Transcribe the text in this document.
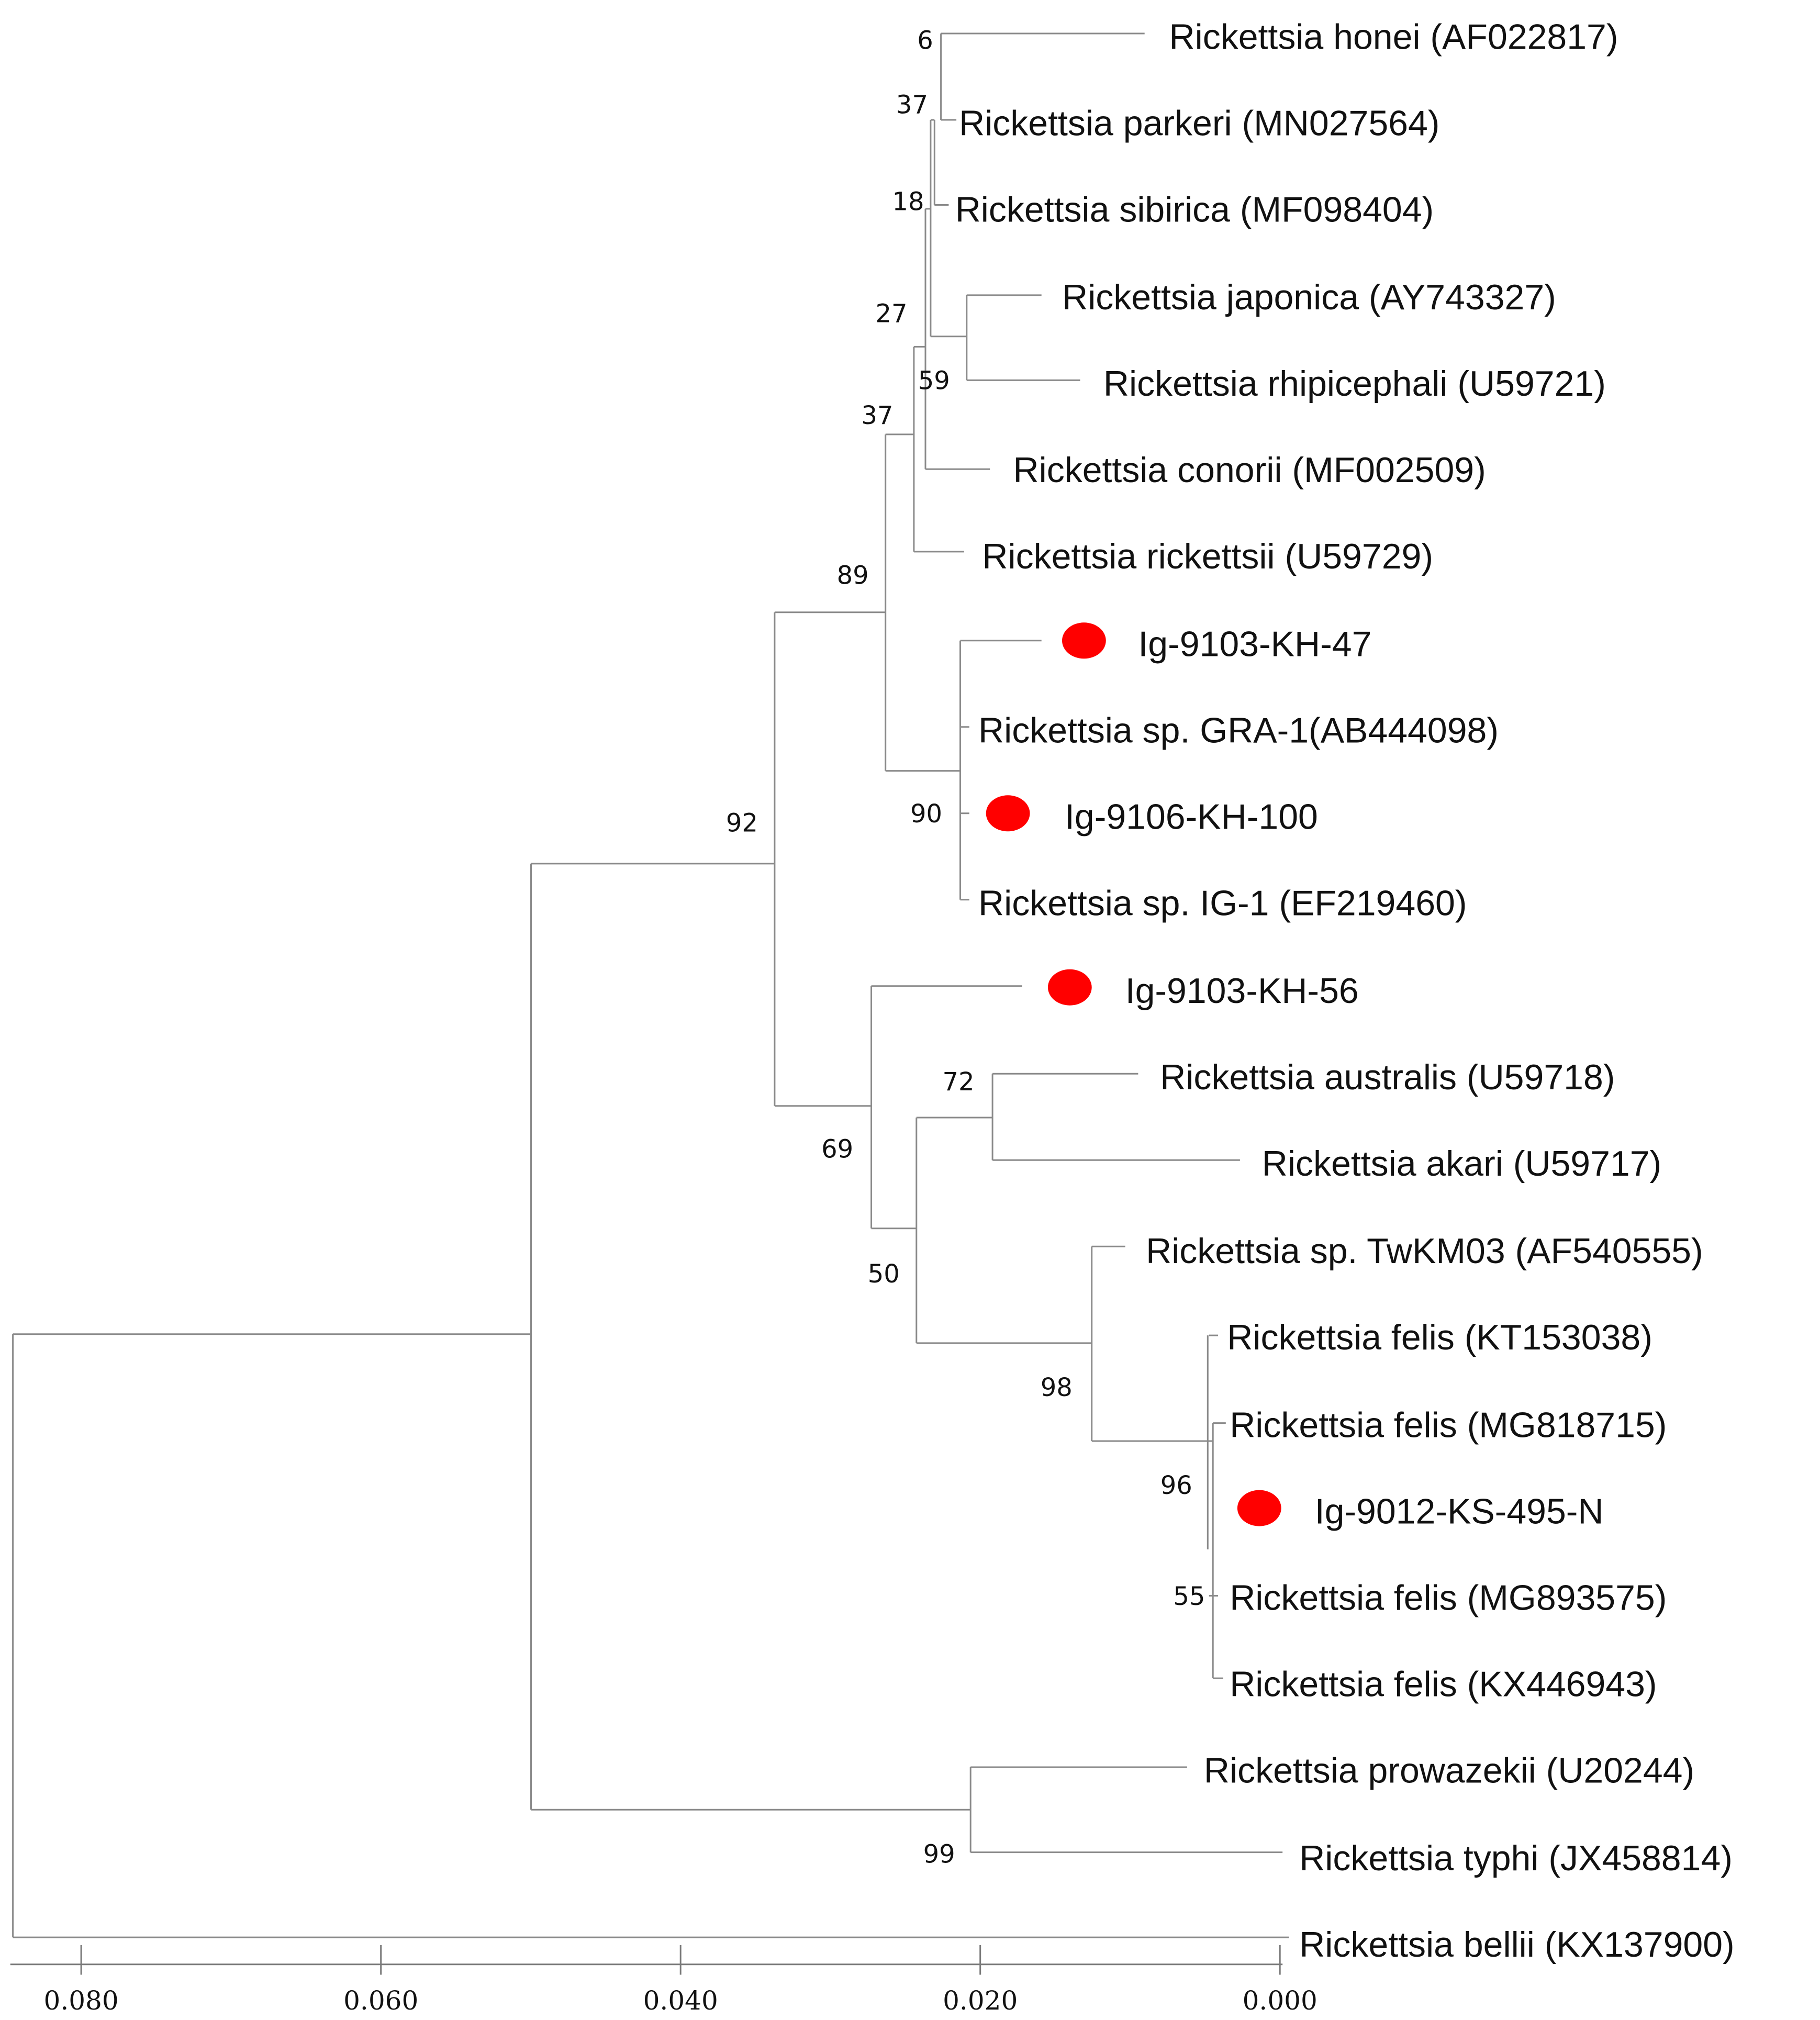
Rickettsia honei (AF022817)
Rickettsia parkeri (MN027564)
Rickettsia sibirica (MF098404)
Rickettsia japonica (AY743327)
Rickettsia rhipicephali (U59721)
Rickettsia conorii (MF002509)
Rickettsia rickettsii (U59729)
Ig-9103-KH-47
Rickettsia sp. GRA-1(AB444098)
Ig-9106-KH-100
Rickettsia sp. IG-1 (EF219460)
Ig-9103-KH-56
Rickettsia australis (U59718)
Rickettsia akari (U59717)
Rickettsia sp. TwKM03 (AF540555)
Rickettsia felis (KT153038)
Rickettsia felis (MG818715)
Ig-9012-KS-495-N
Rickettsia felis (MG893575)
Rickettsia felis (KX446943)
Rickettsia prowazekii (U20244)
Rickettsia typhi (JX458814)
Rickettsia bellii (KX137900)
6
37
18
27
59
37
89
90
92
72
69
50
98
96
55
99
0.080	0.060	0.040	0.020	0.000
